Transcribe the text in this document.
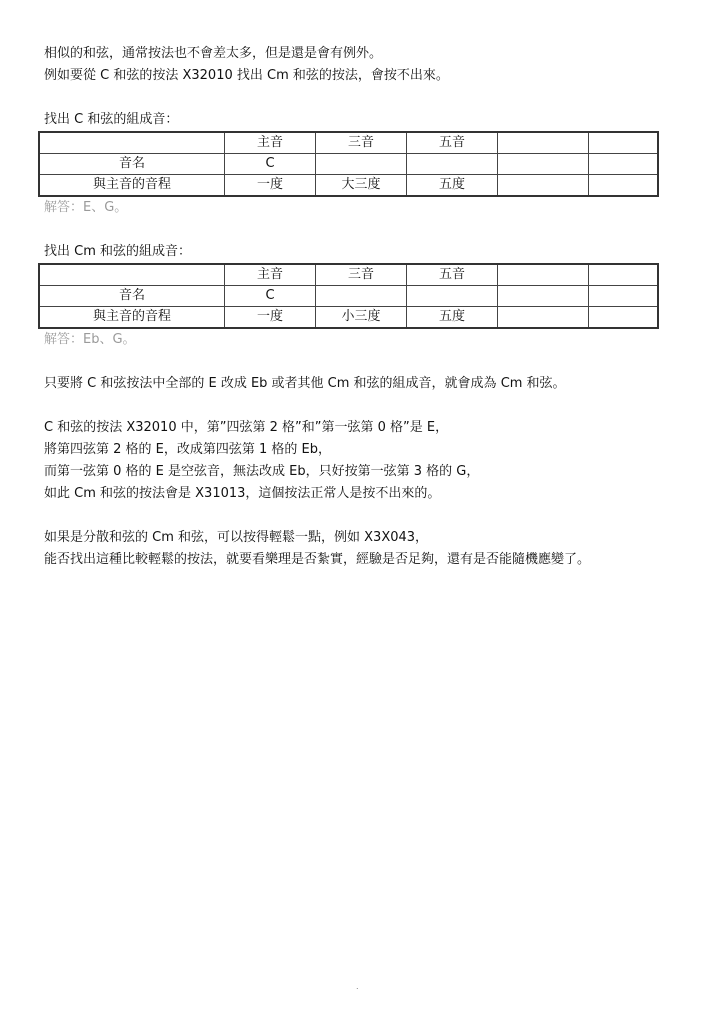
相似的和弦，通常按法也不會差太多，但是還是會有例外。
例如要從 C 和弦的按法 X32010 找出 Cm 和弦的按法，會按不出來。
找出 C 和弦的組成音：
	主音	三音	五音		
音名	C				
與主音的音程	一度	大三度	五度		
解答：E、G。
找出 Cm 和弦的組成音：
	主音	三音	五音		
音名	C				
與主音的音程	一度	小三度	五度		
解答：Eb、G。
只要將 C 和弦按法中全部的 E 改成 Eb 或者其他 Cm 和弦的組成音，就會成為 Cm 和弦。
C 和弦的按法 X32010 中，第”四弦第 2 格”和”第一弦第 0 格”是 E，
將第四弦第 2 格的 E，改成第四弦第 1 格的 Eb，
而第一弦第 0 格的 E 是空弦音，無法改成 Eb，只好按第一弦第 3 格的 G，
如此 Cm 和弦的按法會是 X31013，這個按法正常人是按不出來的。
如果是分散和弦的 Cm 和弦，可以按得輕鬆一點，例如 X3X043，
能否找出這種比較輕鬆的按法，就要看樂理是否紮實，經驗是否足夠，還有是否能隨機應變了。
.
